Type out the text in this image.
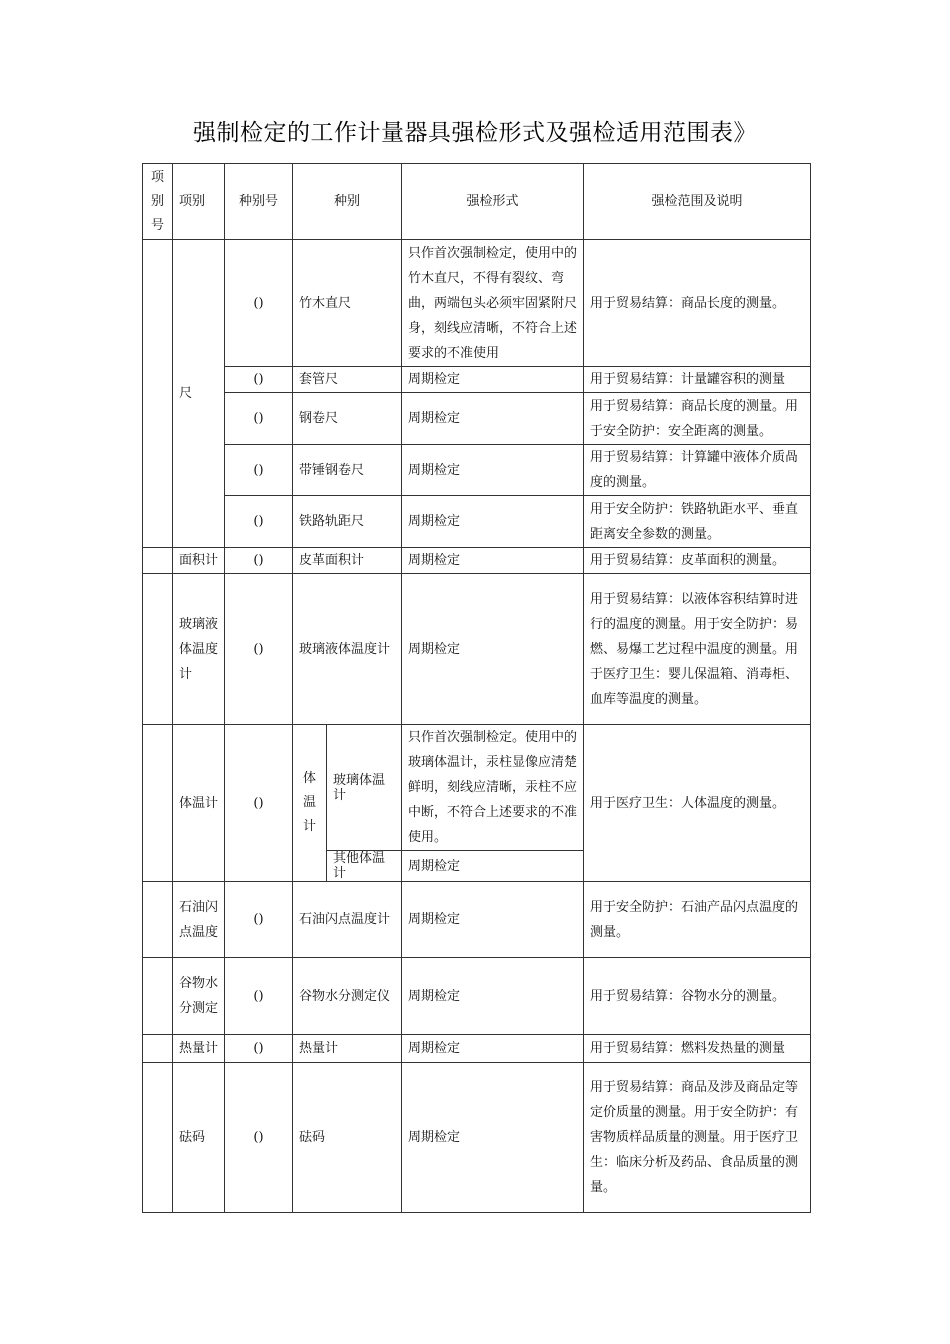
强制检定的工作计量器具强检形式及强检适用范围表》
项别号	项别	种别号	种别		强检形式	强检范围及说明
	尺	()	竹木直尺		只作首次强制检定，使用中的竹木直尺，不得有裂纹、弯曲，两端包头必须牢固紧附尺身，刻线应清晰，不符合上述要求的不准使用	用于贸易结算：商品长度的测量。
		()	套管尺		周期检定	用于贸易结算：计量罐容积的测量
		()	钢卷尺		周期检定	用于贸易结算：商品长度的测量。用于安全防护：安全距离的测量。
		()	带锤钢卷尺		周期检定	用于贸易结算：计算罐中液体介质咼度的测量。
		()	铁路轨距尺		周期检定	用于安全防护：铁路轨距水平、垂直距离安全参数的测量。
	面积计	()	皮革面积计		周期检定	用于贸易结算：皮革面积的测量。
	玻璃液体温度计	()	玻璃液体温度计		周期检定	用于贸易结算：以液体容积结算时进行的温度的测量。用于安全防护：易燃、易爆工艺过程中温度的测量。用于医疗卫生：婴儿保温箱、消毒柜、血库等温度的测量。
	体温计	()	体温计	玻璃体温计	只作首次强制检定。使用中的玻璃体温计，汞柱显像应清楚鲜明，刻线应清晰，汞柱不应中断，不符合上述要求的不准使用。	用于医疗卫生：人体温度的测量。
				其他体温计	周期检定	
	石油闪点温度	()	石油闪点温度计		周期检定	用于安全防护：石油产品闪点温度的测量。
	谷物水分测定	()	谷物水分测定仪		周期检定	用于贸易结算：谷物水分的测量。
	热量计	()	热量计		周期检定	用于贸易结算：燃料发热量的测量
	砝码	()	砝码		周期检定	用于贸易结算：商品及涉及商品定等定价质量的测量。用于安全防护：有害物质样品质量的测量。用于医疗卫生：临床分析及药品、食品质量的测量。
